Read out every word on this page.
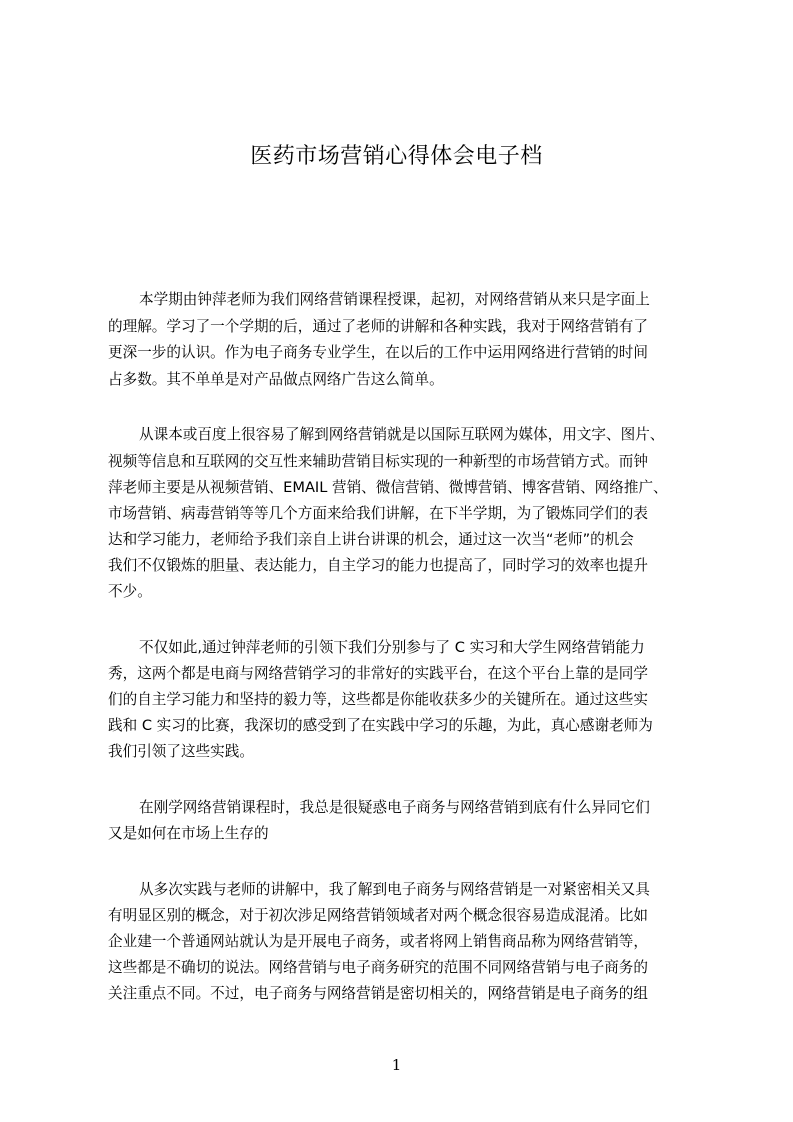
医药市场营销心得体会电子档
本学期由钟萍老师为我们网络营销课程授课，起初，对网络营销从来只是字面上
的理解。学习了一个学期的后，通过了老师的讲解和各种实践，我对于网络营销有了
更深一步的认识。作为电子商务专业学生，在以后的工作中运用网络进行营销的时间
占多数。其不单单是对产品做点网络广告这么简单。
从课本或百度上很容易了解到网络营销就是以国际互联网为媒体，用文字、图片、
视频等信息和互联网的交互性来辅助营销目标实现的一种新型的市场营销方式。而钟
萍老师主要是从视频营销、EMAIL 营销、微信营销、微博营销、博客营销、网络推广、
市场营销、病毒营销等等几个方面来给我们讲解，在下半学期，为了锻炼同学们的表
达和学习能力，老师给予我们亲自上讲台讲课的机会，通过这一次当“老师”的机会
我们不仅锻炼的胆量、表达能力，自主学习的能力也提高了，同时学习的效率也提升
不少。
不仅如此,通过钟萍老师的引领下我们分别参与了 C 实习和大学生网络营销能力
秀，这两个都是电商与网络营销学习的非常好的实践平台，在这个平台上靠的是同学
们的自主学习能力和坚持的毅力等，这些都是你能收获多少的关键所在。通过这些实
践和 C 实习的比赛，我深切的感受到了在实践中学习的乐趣，为此，真心感谢老师为
我们引领了这些实践。
在刚学网络营销课程时，我总是很疑惑电子商务与网络营销到底有什么异同它们
又是如何在市场上生存的
从多次实践与老师的讲解中，我了解到电子商务与网络营销是一对紧密相关又具
有明显区别的概念，对于初次涉足网络营销领域者对两个概念很容易造成混淆。比如
企业建一个普通网站就认为是开展电子商务，或者将网上销售商品称为网络营销等，
这些都是不确切的说法。网络营销与电子商务研究的范围不同网络营销与电子商务的
关注重点不同。不过，电子商务与网络营销是密切相关的，网络营销是电子商务的组
1
